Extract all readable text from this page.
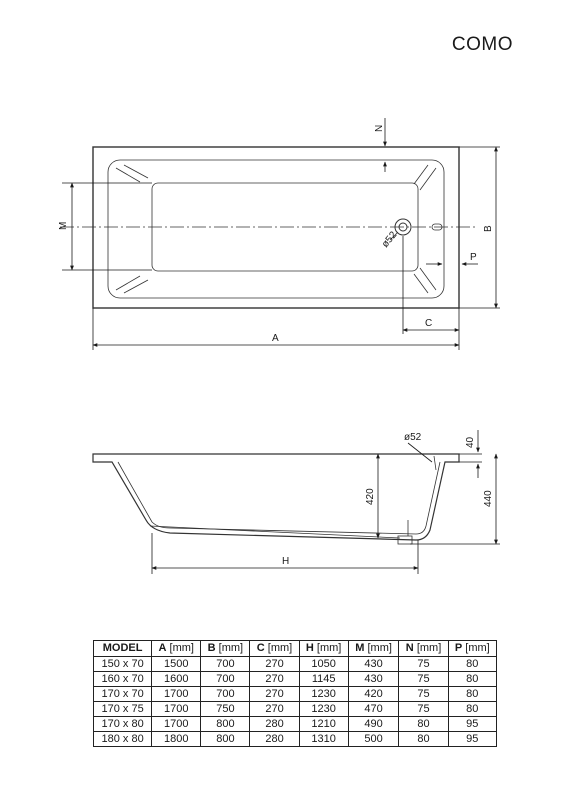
COMO
N
M	B
P
C
A
ø52
ø52	40
420	440
H
MODEL	A [mm]	B [mm]	C [mm]	H [mm]	M [mm]	N [mm]	P [mm]
150 x 70	1500	700	270	1050	430	75	80
160 x 70	1600	700	270	1145	430	75	80
170 x 70	1700	700	270	1230	420	75	80
170 x 75	1700	750	270	1230	470	75	80
170 x 80	1700	800	280	1210	490	80	95
180 x 80	1800	800	280	1310	500	80	95
